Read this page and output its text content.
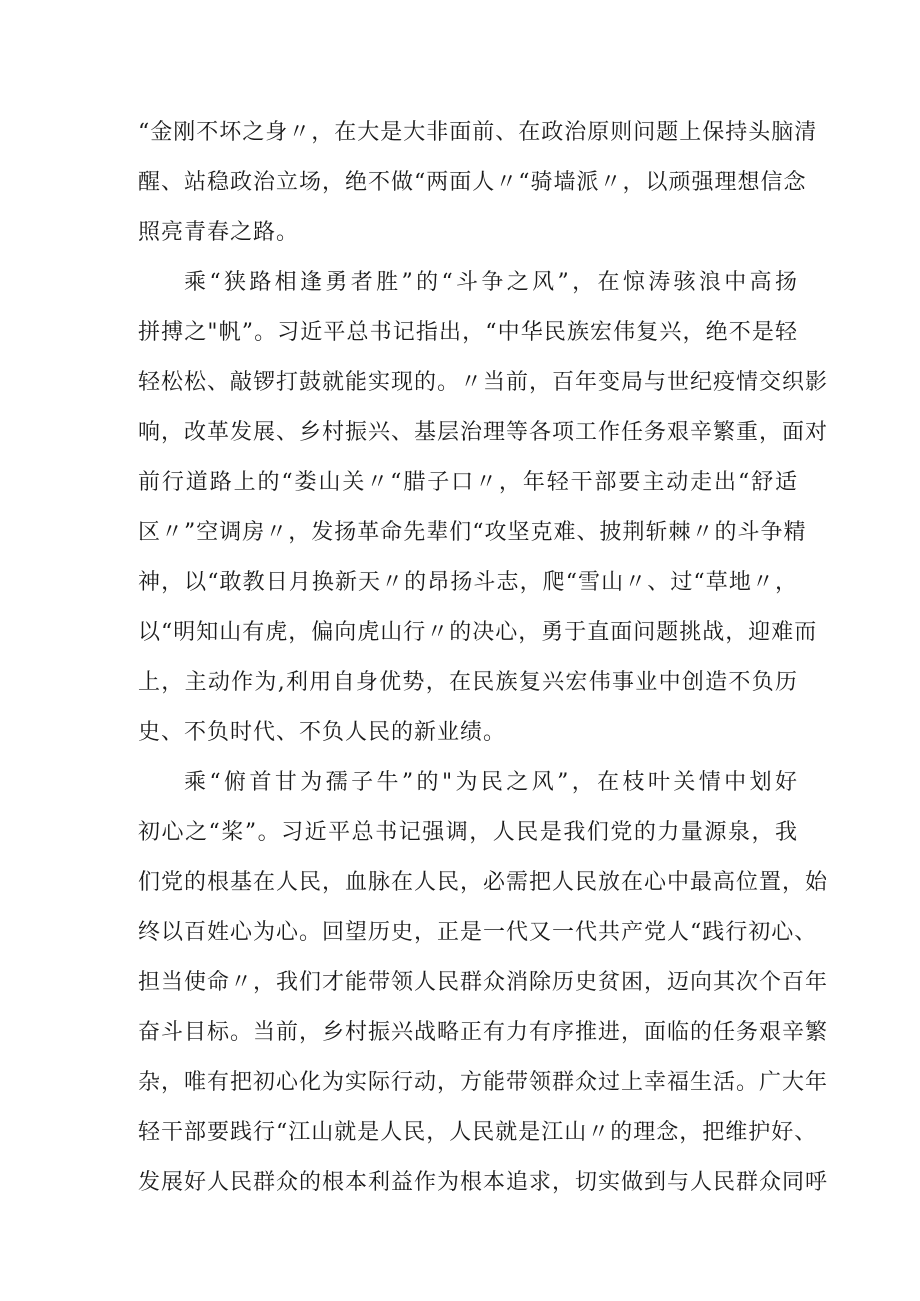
“金刚不坏之身〃，在大是大非面前、在政治原则问题上保持头脑清
醒、站稳政治立场，绝不做“两面人〃“骑墙派〃，以顽强理想信念
照亮青春之路。
乘“狭路相逢勇者胜”的“斗争之风”，在惊涛骇浪中高扬
拼搏之"帆”。习近平总书记指出，“中华民族宏伟复兴，绝不是轻
轻松松、敲锣打鼓就能实现的。〃当前，百年变局与世纪疫情交织影
响，改革发展、乡村振兴、基层治理等各项工作任务艰辛繁重，面对
前行道路上的“娄山关〃“腊子口〃，年轻干部要主动走出“舒适
区〃”空调房〃，发扬革命先辈们“攻坚克难、披荆斩棘〃的斗争精
神，以“敢教日月换新天〃的昂扬斗志，爬“雪山〃、过“草地〃，
以“明知山有虎，偏向虎山行〃的决心，勇于直面问题挑战，迎难而
上，主动作为,利用自身优势，在民族复兴宏伟事业中创造不负历
史、不负时代、不负人民的新业绩。
乘“俯首甘为孺子牛”的"为民之风”，在枝叶关情中划好
初心之“桨”。习近平总书记强调，人民是我们党的力量源泉，我
们党的根基在人民，血脉在人民，必需把人民放在心中最高位置，始
终以百姓心为心。回望历史，正是一代又一代共产党人“践行初心、
担当使命〃，我们才能带领人民群众消除历史贫困，迈向其次个百年
奋斗目标。当前，乡村振兴战略正有力有序推进，面临的任务艰辛繁
杂，唯有把初心化为实际行动，方能带领群众过上幸福生活。广大年
轻干部要践行“江山就是人民，人民就是江山〃的理念，把维护好、
发展好人民群众的根本利益作为根本追求，切实做到与人民群众同呼
